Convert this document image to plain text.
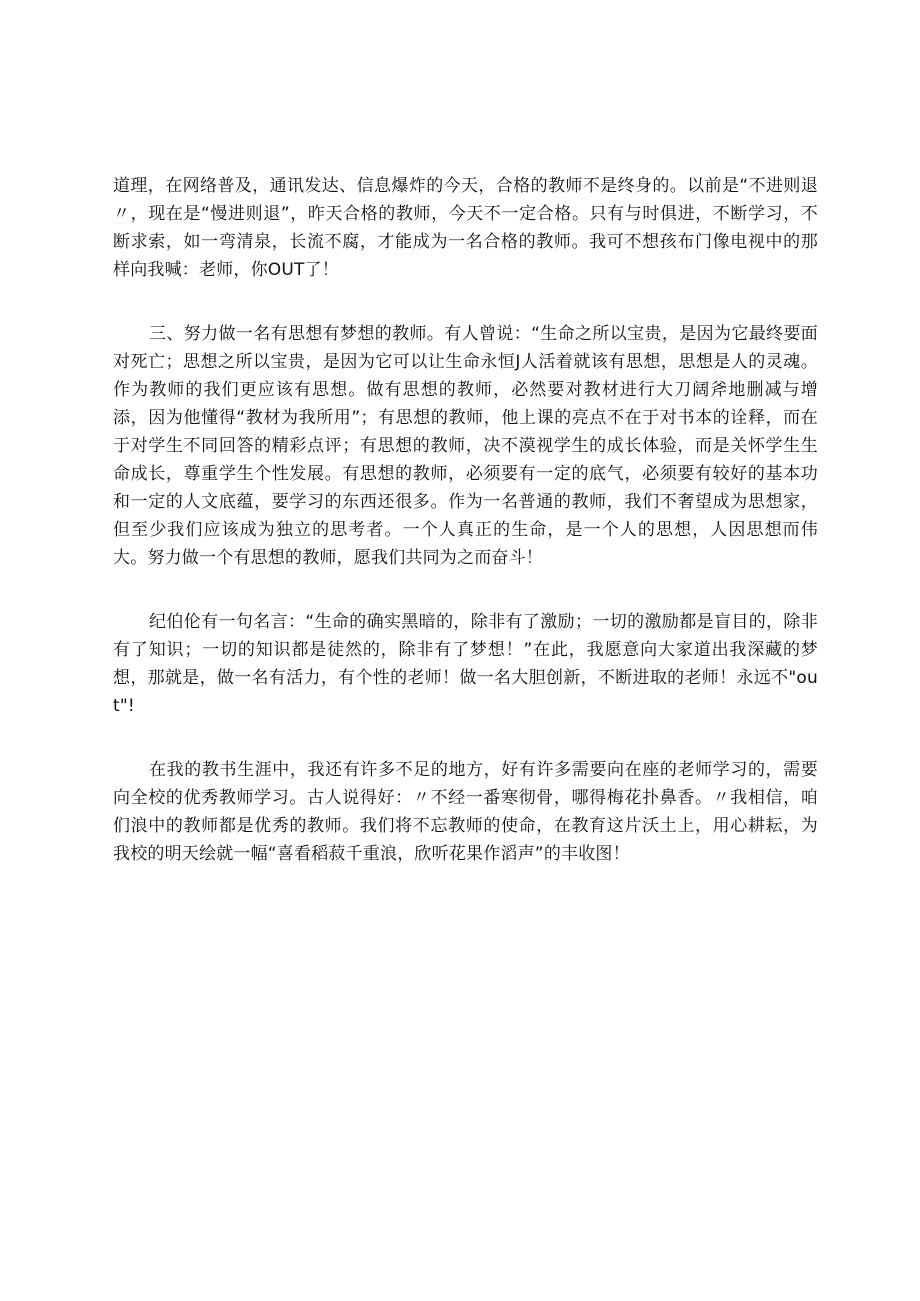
道理，在网络普及，通讯发达、信息爆炸的今天，合格的教师不是终身的。以前是“不进则退〃，现在是“慢进则退”，昨天合格的教师，今天不一定合格。只有与时俱进，不断学习，不断求索，如一弯清泉，长流不腐，才能成为一名合格的教师。我可不想孩布门像电视中的那样向我喊：老师，你OUT了！

三、努力做一名有思想有梦想的教师。有人曾说：“生命之所以宝贵，是因为它最终要面对死亡；思想之所以宝贵，是因为它可以让生命永恒J人活着就该有思想，思想是人的灵魂。作为教师的我们更应该有思想。做有思想的教师，必然要对教材进行大刀阔斧地删减与增添，因为他懂得“教材为我所用”；有思想的教师，他上课的亮点不在于对书本的诠释，而在于对学生不同回答的精彩点评；有思想的教师，决不漠视学生的成长体验，而是关怀学生生命成长，尊重学生个性发展。有思想的教师，必须要有一定的底气，必须要有较好的基本功和一定的人文底蕴，要学习的东西还很多。作为一名普通的教师，我们不奢望成为思想家，但至少我们应该成为独立的思考者。一个人真正的生命，是一个人的思想，人因思想而伟大。努力做一个有思想的教师，愿我们共同为之而奋斗！

纪伯伦有一句名言：“生命的确实黑暗的，除非有了激励；一切的激励都是盲目的，除非有了知识；一切的知识都是徒然的，除非有了梦想！”在此，我愿意向大家道出我深藏的梦想，那就是，做一名有活力，有个性的老师！做一名大胆创新，不断进取的老师！永远不"out"!

在我的教书生涯中，我还有许多不足的地方，好有许多需要向在座的老师学习的，需要向全校的优秀教师学习。古人说得好：〃不经一番寒彻骨，哪得梅花扑鼻香。〃我相信，咱们浪中的教师都是优秀的教师。我们将不忘教师的使命，在教育这片沃土上，用心耕耘，为我校的明天绘就一幅“喜看稻菽千重浪，欣听花果作滔声”的丰收图！
